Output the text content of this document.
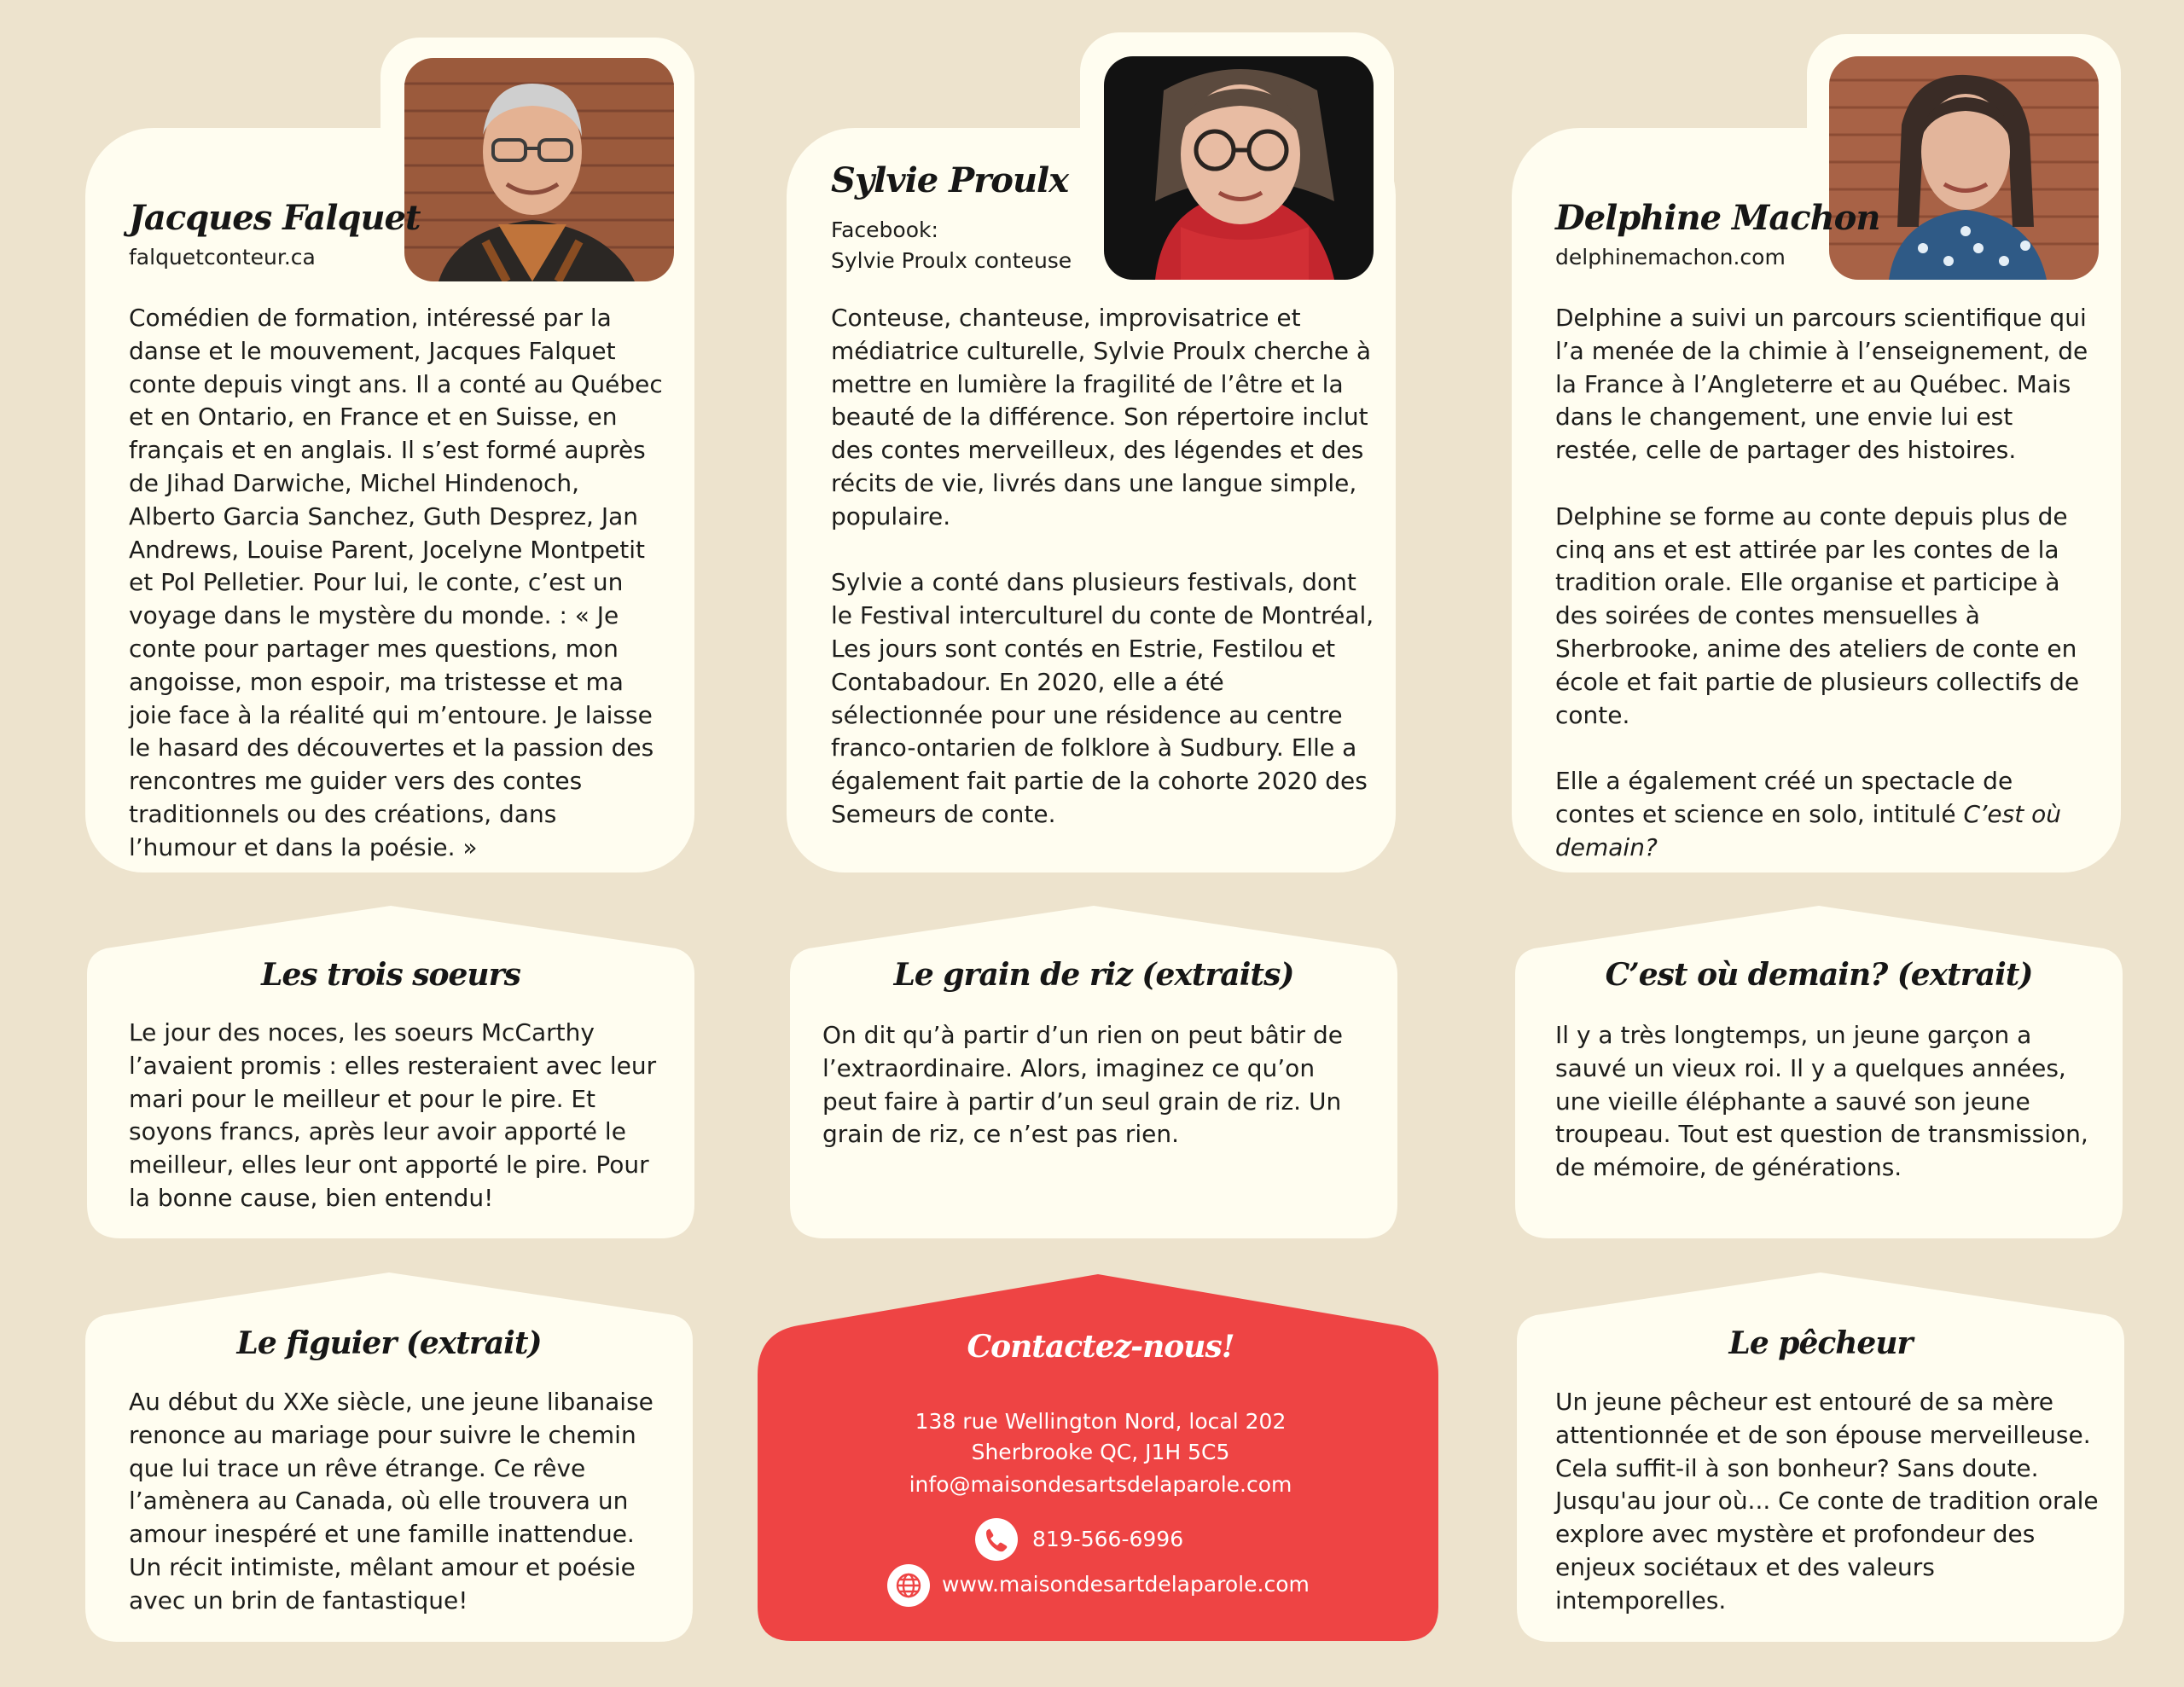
Jacques Falquet
falquetconteur.ca

Comédien de formation, intéressé par la danse et le mouvement, Jacques Falquet conte depuis vingt ans. Il a conté au Québec et en Ontario, en France et en Suisse, en français et en anglais. Il s’est formé auprès de Jihad Darwiche, Michel Hindenoch, Alberto Garcia Sanchez, Guth Desprez, Jan Andrews, Louise Parent, Jocelyne Montpetit et Pol Pelletier. Pour lui, le conte, c’est un voyage dans le mystère du monde. : « Je conte pour partager mes questions, mon angoisse, mon espoir, ma tristesse et ma joie face à la réalité qui m’entoure. Je laisse le hasard des découvertes et la passion des rencontres me guider vers des contes traditionnels ou des créations, dans l’humour et dans la poésie. »

Sylvie Proulx
Facebook:
Sylvie Proulx conteuse

Conteuse, chanteuse, improvisatrice et médiatrice culturelle, Sylvie Proulx cherche à mettre en lumière la fragilité de l’être et la beauté de la différence. Son répertoire inclut des contes merveilleux, des légendes et des récits de vie, livrés dans une langue simple, populaire.

Sylvie a conté dans plusieurs festivals, dont le Festival interculturel du conte de Montréal, Les jours sont contés en Estrie, Festilou et Contabadour. En 2020, elle a été sélectionnée pour une résidence au centre franco-ontarien de folklore à Sudbury. Elle a également fait partie de la cohorte 2020 des Semeurs de conte.

Delphine Machon
delphinemachon.com

Delphine a suivi un parcours scientifique qui l’a menée de la chimie à l’enseignement, de la France à l’Angleterre et au Québec. Mais dans le changement, une envie lui est restée, celle de partager des histoires.

Delphine se forme au conte depuis plus de cinq ans et est attirée par les contes de la tradition orale. Elle organise et participe à des soirées de contes mensuelles à Sherbrooke, anime des ateliers de conte en école et fait partie de plusieurs collectifs de conte.

Elle a également créé un spectacle de contes et science en solo, intitulé C’est où demain?

Les trois soeurs
Le jour des noces, les soeurs McCarthy l’avaient promis : elles resteraient avec leur mari pour le meilleur et pour le pire. Et soyons francs, après leur avoir apporté le meilleur, elles leur ont apporté le pire. Pour la bonne cause, bien entendu!
Le grain de riz (extraits)
On dit qu’à partir d’un rien on peut bâtir de l’extraordinaire. Alors, imaginez ce qu’on peut faire à partir d’un seul grain de riz. Un grain de riz, ce n’est pas rien.
C’est où demain? (extrait)
Il y a très longtemps, un jeune garçon a sauvé un vieux roi. Il y a quelques années, une vieille éléphante a sauvé son jeune troupeau. Tout est question de transmission, de mémoire, de générations.
Le figuier (extrait)
Au début du XXe siècle, une jeune libanaise renonce au mariage pour suivre le chemin que lui trace un rêve étrange. Ce rêve l’amènera au Canada, où elle trouvera un amour inespéré et une famille inattendue. Un récit intimiste, mêlant amour et poésie avec un brin de fantastique!
Le pêcheur
Un jeune pêcheur est entouré de sa mère attentionnée et de son épouse merveilleuse. Cela suffit-il à son bonheur? Sans doute. Jusqu'au jour où... Ce conte de tradition orale explore avec mystère et profondeur des enjeux sociétaux et des valeurs intemporelles.
Contactez-nous!
138 rue Wellington Nord, local 202
Sherbrooke QC, J1H 5C5
info@maisondesartsdelaparole.com
819-566-6996
www.maisondesartdelaparole.com
